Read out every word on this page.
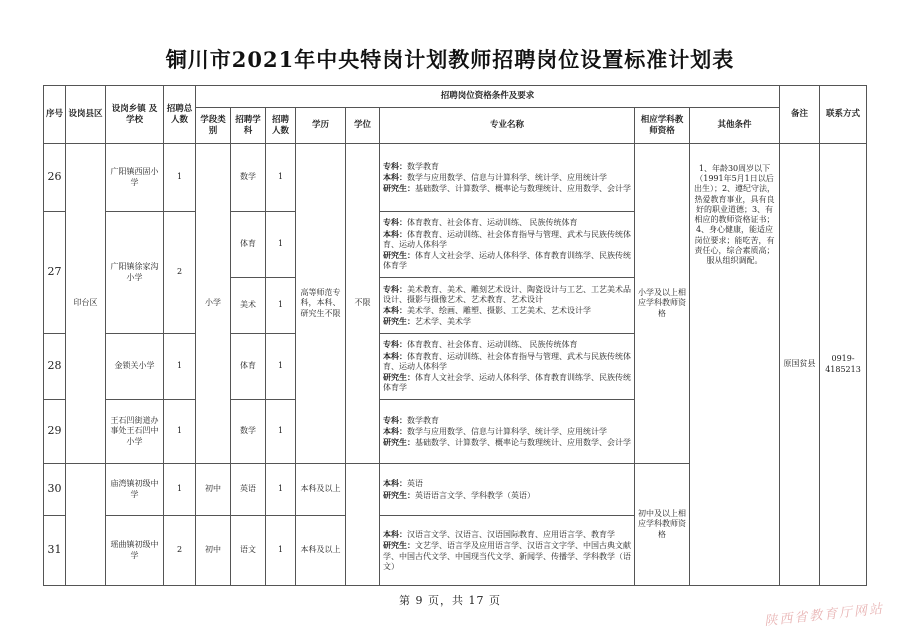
铜川市2021年中央特岗计划教师招聘岗位设置标准计划表
序号	设岗县区	设岗乡镇 及学校	招聘总人数	招聘岗位资格条件及要求								备注	联系方式
				学段类别	招聘学科	招聘人数	学历	学位	专业名称	相应学科教师资格	其他条件		
26	印台区	广阳镇西固小学	1	小学	数学	1	高等师范专科，本科、研究生不限	不限	专科：数学教育
本科：数学与应用数学、信息与计算科学、统计学、应用统计学
研究生：基础数学、计算数学、概率论与数理统计、应用数学、会计学	小学及以上相应学科教师资格	1、年龄30周岁以下（1991年5月1日以后出生）；2、遵纪守法，热爱教育事业，具有良好的职业道德；3、有相应的教师资格证书；4、身心健康，能适应岗位要求；能吃苦，有责任心，综合素质高；服从组织调配。	原国贫县	0919-4185213
27		广阳镇徐家沟小学	2		体育	1			专科：体育教育、社会体育、运动训练、 民族传统体育
本科：体育教育、运动训练、社会体育指导与管理、武术与民族传统体育、运动人体科学
研究生：体育人文社会学、运动人体科学、体育教育训练学、民族传统体育学				

					美术	1			专科：美术教育、美术、雕刻艺术设计、陶瓷设计与工艺、工艺美术品设计、摄影与摄像艺术、艺术教育、艺术设计
本科：美术学、绘画、雕塑、摄影、工艺美术、艺术设计学
研究生：艺术学、美术学				

28		金锁关小学	1		体育	1			专科：体育教育、社会体育、运动训练、 民族传统体育
本科：体育教育、运动训练、社会体育指导与管理、武术与民族传统体育、运动人体科学
研究生：体育人文社会学、运动人体科学、体育教育训练学、民族传统体育学				

29		王石凹街道办事处王石凹中小学	1		数学	1			专科：数学教育
本科：数学与应用数学、信息与计算科学、统计学、应用统计学
研究生：基础数学、计算数学、概率论与数理统计、应用数学、会计学				

30		庙湾镇初级中学	1	初中	英语	1	本科及以上		本科：英语
研究生：英语语言文学、学科教学（英语）	初中及以上相应学科教师资格			
31		瑶曲镇初级中学	2	初中	语文	1	本科及以上		本科：汉语言文学、汉语言、汉语国际教育、应用语言学、教育学
研究生：文艺学、语言学及应用语言学、汉语言文字学、中国古典文献学、中国古代文学、中国现当代文学、新闻学、传播学、学科教学（语文）				
第 9 页，共 17 页
陕西省教育厅网站
